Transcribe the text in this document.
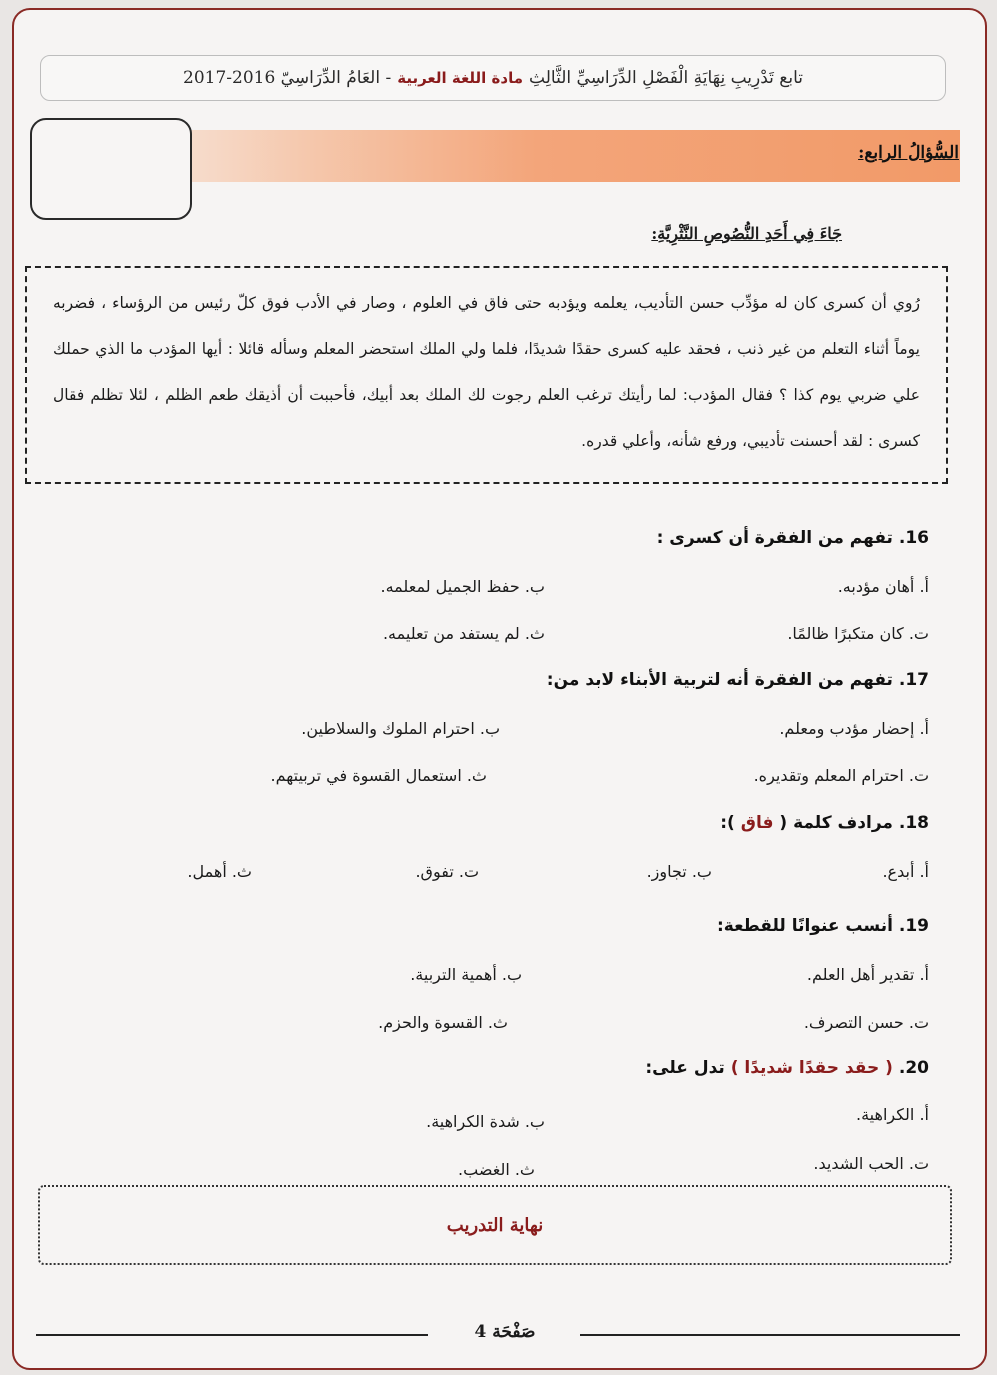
تابع تَدْرِيبِ نِهَايَةِ الْفَصْلِ الدِّرَاسِيِّ الثَّالِثِ
مادة اللغة العربية
- العَامُ الدِّرَاسِيّ 2016-2017
السُّؤالُ الرابع:
جَاءَ فِي أَحَدِ النُّصُوصِ النَّثْرِيَّةِ:
رُوي أن كسرى كان له مؤدِّب حسن التأديب، يعلمه ويؤدبه حتى فاق في العلوم ، وصار في الأدب فوق كلّ رئيس من الرؤساء ، فضربه يوماً أثناء التعلم من غير ذنب ، فحقد عليه كسرى حقدًا شديدًا، فلما ولي الملك استحضر المعلم وسأله قائلا : أيها المؤدب ما الذي حملك علي ضربي يوم كذا ؟ فقال المؤدب: لما رأيتك ترغب العلم رجوت لك الملك بعد أبيك، فأحببت أن أذيقك طعم الظلم ، لئلا تظلم فقال كسرى : لقد أحسنت تأديبي، ورفع شأنه، وأعلي قدره.
16. تفهم من الفقرة أن كسرى :
أ. أهان مؤدبه.
ب. حفظ الجميل لمعلمه.
ت. كان متكبرًا ظالمًا.
ث. لم يستفد من تعليمه.
17. تفهم من الفقرة أنه لتربية الأبناء لابد من:
أ. إحضار مؤدب ومعلم.
ب. احترام الملوك والسلاطين.
ت. احترام المعلم وتقديره.
ث. استعمال القسوة في تربيتهم.
18. مرادف كلمة ( فاق ):
أ. أبدع.
ب. تجاوز.
ت. تفوق.
ث. أهمل.
19. أنسب عنوانًا للقطعة:
أ. تقدير أهل العلم.
ب. أهمية التربية.
ت. حسن التصرف.
ث. القسوة والحزم.
20. ( حقد حقدًا شديدًا ) تدل على:
أ. الكراهية.
ب. شدة الكراهية.
ت. الحب الشديد.
ث. الغضب.
نهاية التدريب
صَفْحَة 4
